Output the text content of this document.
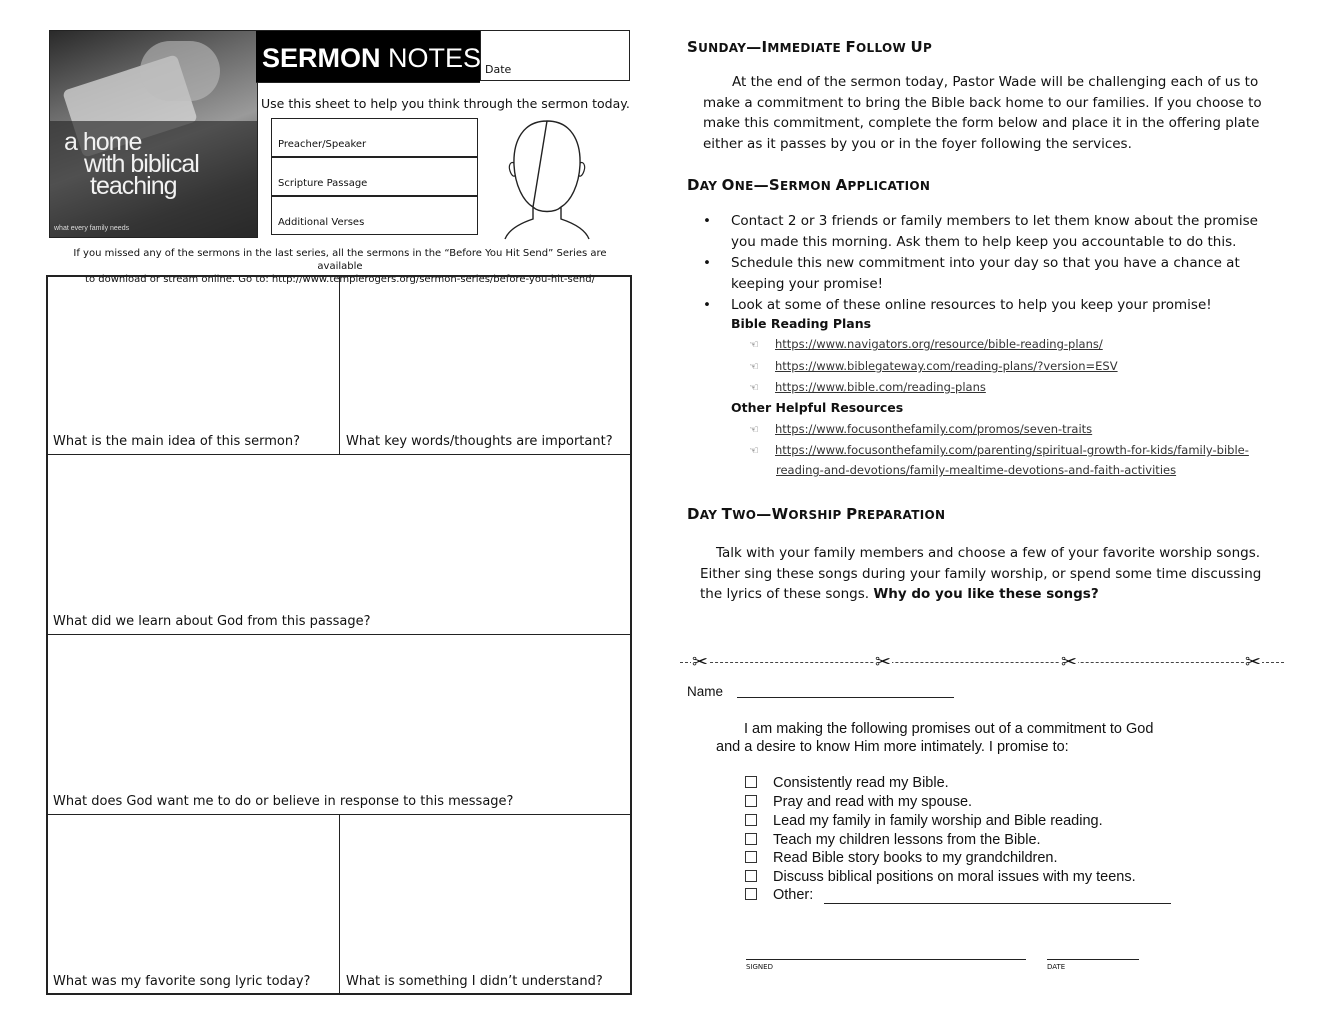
a home
with biblical
teaching
what every family needs
SERMON NOTES Date
Use this sheet to help you think through the sermon today.
Preacher/Speaker
Scripture Passage
Additional Verses
If you missed any of the sermons in the last series, all the sermons in the “Before You Hit Send” Series are available
to download or stream online. Go to: http://www.templerogers.org/sermon-series/before-you-hit-send/
What is the main idea of this sermon?	What key words/thoughts are important?
What did we learn about God from this passage?
What does God want me to do or believe in response to this message?
What was my favorite song lyric today?	What is something I didn’t understand?
SUNDAY—IMMEDIATE FOLLOW UP
At the end of the sermon today, Pastor Wade will be challenging each of us to
make a commitment to bring the Bible back home to our families. If you choose to
make this commitment, complete the form below and place it in the offering plate
either as it passes by you or in the foyer following the services.
DAY ONE—SERMON APPLICATION
• Contact 2 or 3 friends or family members to let them know about the promise
you made this morning. Ask them to help keep you accountable to do this.
• Schedule this new commitment into your day so that you have a chance at
keeping your promise!
• Look at some of these online resources to help you keep your promise!
Bible Reading Plans
☜ https://www.navigators.org/resource/bible-reading-plans/
☜ https://www.biblegateway.com/reading-plans/?version=ESV
☜ https://www.bible.com/reading-plans
Other Helpful Resources
☜ https://www.focusonthefamily.com/promos/seven-traits
☜ https://www.focusonthefamily.com/parenting/spiritual-growth-for-kids/family-bible-
reading-and-devotions/family-mealtime-devotions-and-faith-activities
DAY TWO—WORSHIP PREPARATION
Talk with your family members and choose a few of your favorite worship songs.
Either sing these songs during your family worship, or spend some time discussing
the lyrics of these songs. Why do you like these songs?
✂	✂	✂	✂
Name
I am making the following promises out of a commitment to God
and a desire to know Him more intimately. I promise to:
Consistently read my Bible.
Pray and read with my spouse.
Lead my family in family worship and Bible reading.
Teach my children lessons from the Bible.
Read Bible story books to my grandchildren.
Discuss biblical positions on moral issues with my teens.
Other:
SIGNED	DATE
